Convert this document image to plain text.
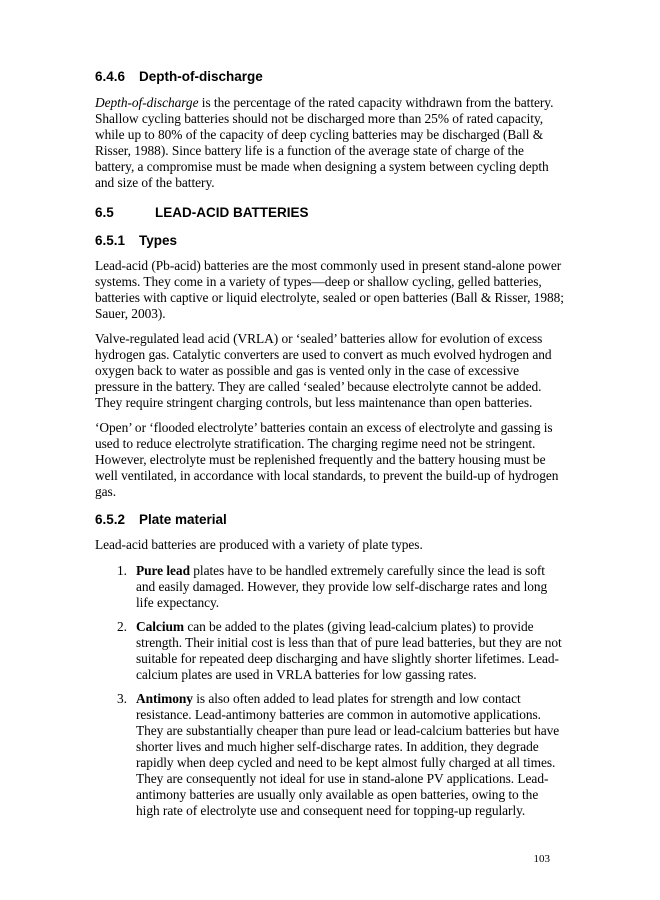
6.4.6 Depth-of-discharge

Depth-of-discharge is the percentage of the rated capacity withdrawn from the battery. Shallow cycling batteries should not be discharged more than 25% of rated capacity, while up to 80% of the capacity of deep cycling batteries may be discharged (Ball & Risser, 1988). Since battery life is a function of the average state of charge of the battery, a compromise must be made when designing a system between cycling depth and size of the battery.

6.5	LEAD-ACID BATTERIES
6.5.1 Types

Lead-acid (Pb-acid) batteries are the most commonly used in present stand-alone power systems. They come in a variety of types—deep or shallow cycling, gelled batteries, batteries with captive or liquid electrolyte, sealed or open batteries (Ball & Risser, 1988; Sauer, 2003).

Valve-regulated lead acid (VRLA) or ‘sealed’ batteries allow for evolution of excess hydrogen gas. Catalytic converters are used to convert as much evolved hydrogen and oxygen back to water as possible and gas is vented only in the case of excessive pressure in the battery. They are called ‘sealed’ because electrolyte cannot be added. They require stringent charging controls, but less maintenance than open batteries.

‘Open’ or ‘flooded electrolyte’ batteries contain an excess of electrolyte and gassing is used to reduce electrolyte stratification. The charging regime need not be stringent. However, electrolyte must be replenished frequently and the battery housing must be well ventilated, in accordance with local standards, to prevent the build-up of hydrogen gas.

6.5.2 Plate material

Lead-acid batteries are produced with a variety of plate types.

1. Pure lead plates have to be handled extremely carefully since the lead is soft and easily damaged. However, they provide low self-discharge rates and long life expectancy.
2. Calcium can be added to the plates (giving lead-calcium plates) to provide strength. Their initial cost is less than that of pure lead batteries, but they are not suitable for repeated deep discharging and have slightly shorter lifetimes. Lead-calcium plates are used in VRLA batteries for low gassing rates.
3. Antimony is also often added to lead plates for strength and low contact resistance. Lead-antimony batteries are common in automotive applications. They are substantially cheaper than pure lead or lead-calcium batteries but have shorter lives and much higher self-discharge rates. In addition, they degrade rapidly when deep cycled and need to be kept almost fully charged at all times. They are consequently not ideal for use in stand-alone PV applications. Lead-antimony batteries are usually only available as open batteries, owing to the high rate of electrolyte use and consequent need for topping-up regularly.
103
